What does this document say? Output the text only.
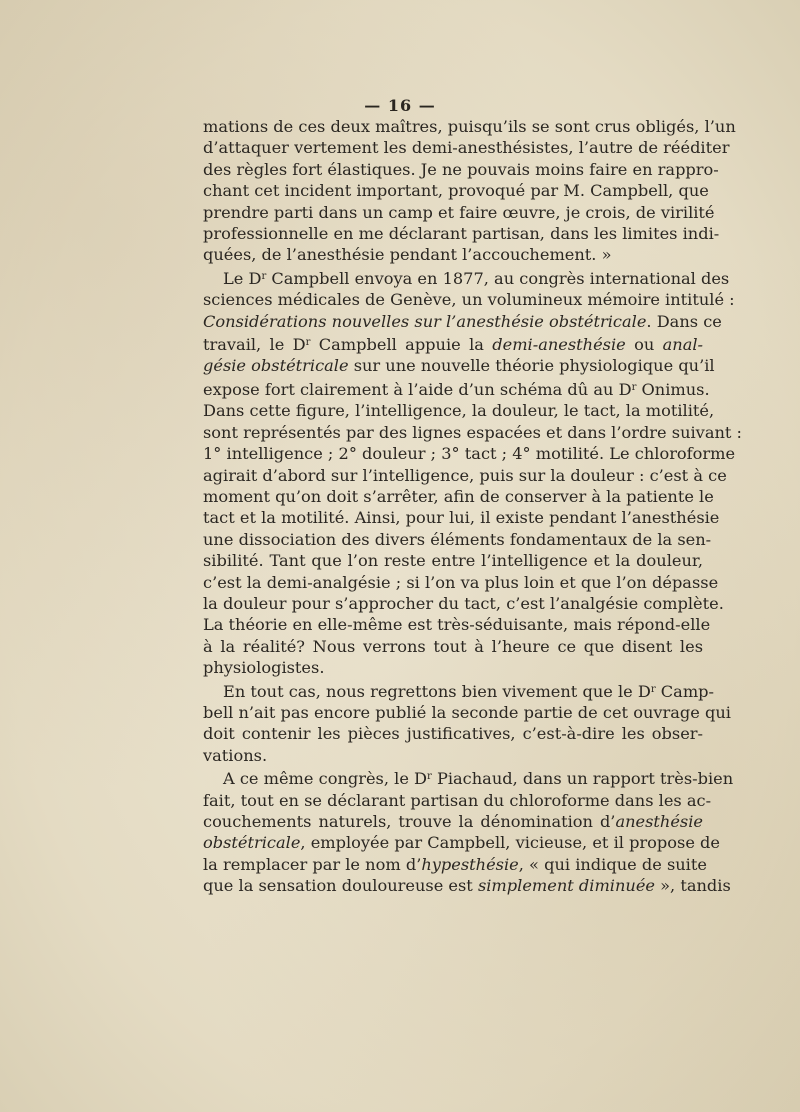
— 16 —
mations de ces deux maîtres, puisqu’ils se sont crus obligés, l’un
d’attaquer vertement les demi-anesthésistes, l’autre de rééditer
des règles fort élastiques. Je ne pouvais moins faire en rappro-
chant cet incident important, provoqué par M. Campbell, que
prendre parti dans un camp et faire œuvre, je crois, de virilité
professionnelle en me déclarant partisan, dans les limites indi-
quées, de l’anesthésie pendant l’accouchement. »
Le $D^r$ Campbell envoya en 1877, au congrès international des
sciences médicales de Genève, un volumineux mémoire intitulé :
Considérations nouvelles sur l’anesthésie obstétricale. Dans ce
travail, le $D^r$ Campbell appuie la demi-anesthésie ou anal-
gésie obstétricale sur une nouvelle théorie physiologique qu’il
expose fort clairement à l’aide d’un schéma dû au $D^r$ Onimus.
Dans cette figure, l’intelligence, la douleur, le tact, la motilité,
sont représentés par des lignes espacées et dans l’ordre suivant :
1° intelligence ; 2° douleur ; 3° tact ; 4° motilité. Le chloroforme
agirait d’abord sur l’intelligence, puis sur la douleur : c’est à ce
moment qu’on doit s’arrêter, afin de conserver à la patiente le
tact et la motilité. Ainsi, pour lui, il existe pendant l’anesthésie
une dissociation des divers éléments fondamentaux de la sen-
sibilité. Tant que l’on reste entre l’intelligence et la douleur,
c’est la demi-analgésie ; si l’on va plus loin et que l’on dépasse
la douleur pour s’approcher du tact, c’est l’analgésie complète.
La théorie en elle-même est très-séduisante, mais répond-elle
à la réalité? Nous verrons tout à l’heure ce que disent les
physiologistes.
En tout cas, nous regrettons bien vivement que le $D^r$ Camp-
bell n’ait pas encore publié la seconde partie de cet ouvrage qui
doit contenir les pièces justificatives, c’est-à-dire les obser-
vations.
A ce même congrès, le $D^r$ Piachaud, dans un rapport très-bien
fait, tout en se déclarant partisan du chloroforme dans les ac-
couchements naturels, trouve la dénomination d’anesthésie
obstétricale, employée par Campbell, vicieuse, et il propose de
la remplacer par le nom d’hypesthésie, « qui indique de suite
que la sensation douloureuse est simplement diminuée », tandis
